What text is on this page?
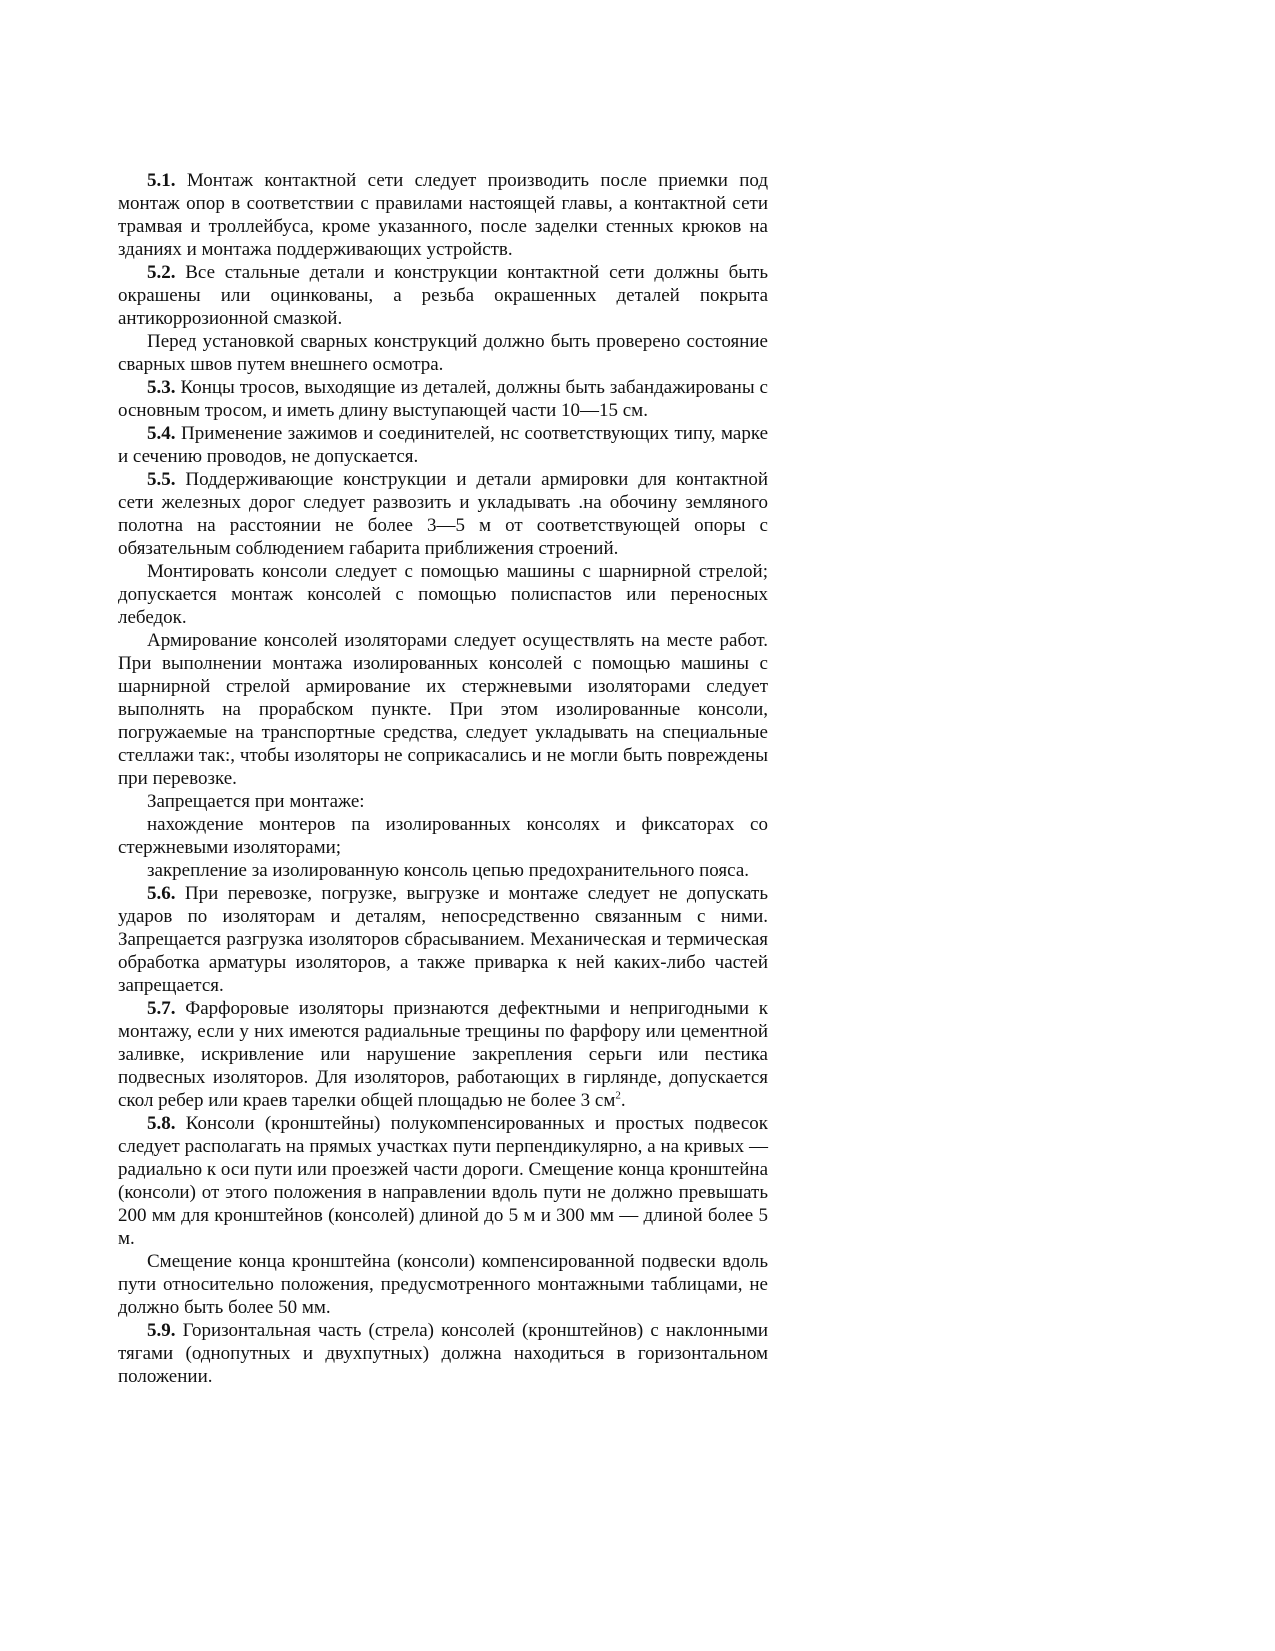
5.1. Монтаж контактной сети следует производить после приемки под монтаж опор в соответствии с правилами настоящей главы, а контактной сети трамвая и троллейбуса, кроме указанного, после заделки стенных крюков на зданиях и монтажа поддерживающих устройств.

5.2. Все стальные детали и конструкции контактной сети должны быть окрашены или оцинкованы, а резьба окрашенных деталей покрыта антикоррозионной смазкой.

Перед установкой сварных конструкций должно быть проверено состояние сварных швов путем внешнего осмотра.

5.3. Концы тросов, выходящие из деталей, должны быть забандажированы с основным тросом, и иметь длину выступающей части 10—15 см.

5.4. Применение зажимов и соединителей, нс соответствующих типу, марке и сечению проводов, не допускается.

5.5. Поддерживающие конструкции и детали армировки для контактной сети железных дорог следует развозить и укладывать .на обочину земляного полотна на расстоянии не более 3—5 м от соответствующей опоры с обязательным соблюдением габарита приближения строений.

Монтировать консоли следует с помощью машины с шарнирной стрелой; допускается монтаж консолей с помощью полиспастов или переносных лебедок.

Армирование консолей изоляторами следует осуществлять на месте работ. При выполнении монтажа изолированных консолей с помощью машины с шарнирной стрелой армирование их стержневыми изоляторами следует выполнять на прорабском пункте. При этом изолированные консоли, погружаемые на транспортные средства, следует укладывать на специальные стеллажи так:, чтобы изоляторы не соприкасались и не могли быть повреждены при перевозке.

Запрещается при монтаже:

нахождение монтеров па изолированных консолях и фиксаторах со стержневыми изоляторами;

закрепление за изолированную консоль цепью предохранительного пояса.

5.6. При перевозке, погрузке, выгрузке и монтаже следует не допускать ударов по изоляторам и деталям, непосредственно связанным с ними. Запрещается разгрузка изоляторов сбрасыванием. Механическая и термическая обработка арматуры изоляторов, а также приварка к ней каких-либо частей запрещается.

5.7. Фарфоровые изоляторы признаются дефектными и непригодными к монтажу, если у них имеются радиальные трещины по фарфору или цементной заливке, искривление или нарушение закрепления серьги или пестика подвесных изоляторов. Для изоляторов, работающих в гирлянде, допускается скол ребер или краев тарелки общей площадью не более 3 $см^2$.

5.8. Консоли (кронштейны) полукомпенсированных и простых подвесок следует располагать на прямых участках пути перпендикулярно, а на кривых — радиально к оси пути или проезжей части дороги. Смещение конца кронштейна (консоли) от этого положения в направлении вдоль пути не должно превышать 200 мм для кронштейнов (консолей) длиной до 5 м и 300 мм — длиной более 5 м.

Смещение конца кронштейна (консоли) компенсированной подвески вдоль пути относительно положения, предусмотренного монтажными таблицами, не должно быть более 50 мм.

5.9. Горизонтальная часть (стрела) консолей (кронштейнов) с наклонными тягами (однопутных и двухпутных) должна находиться в горизонтальном положении.
